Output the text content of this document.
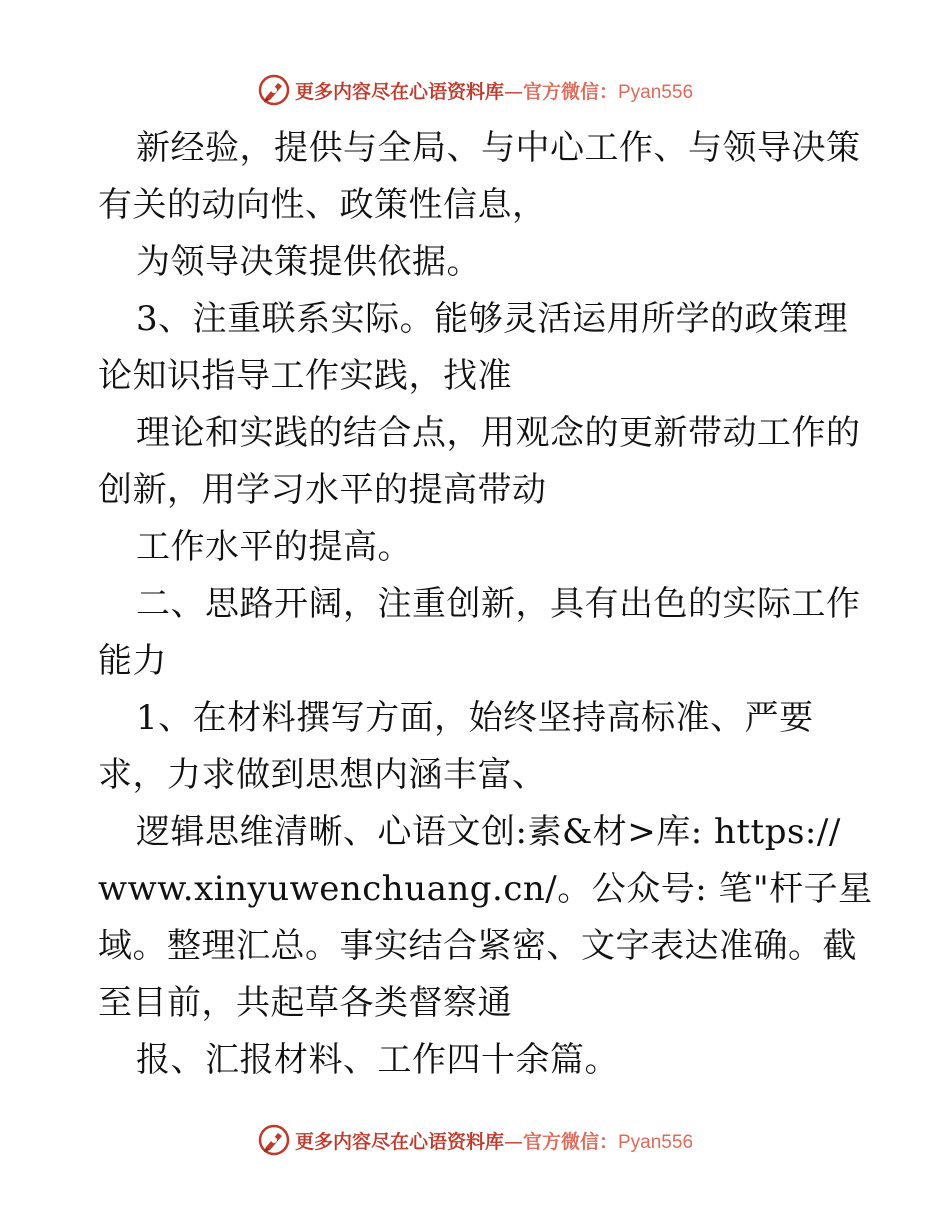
更多内容尽在心语资料库—官方微信：Pyan556
新经验，提供与全局、与中心工作、与领导决策
有关的动向性、政策性信息，
为领导决策提供依据。
3、注重联系实际。能够灵活运用所学的政策理
论知识指导工作实践，找准
理论和实践的结合点，用观念的更新带动工作的
创新，用学习水平的提高带动
工作水平的提高。
二、思路开阔，注重创新，具有出色的实际工作
能力
1、在材料撰写方面，始终坚持高标准、严要
求，力求做到思想内涵丰富、
逻辑思维清晰、心语文创:素&材>库: https://
www.xinyuwenchuang.cn/。公众号: 笔"杆子星
域。整理汇总。事实结合紧密、文字表达准确。截
至目前，共起草各类督察通
报、汇报材料、工作四十余篇。
更多内容尽在心语资料库—官方微信：Pyan556
